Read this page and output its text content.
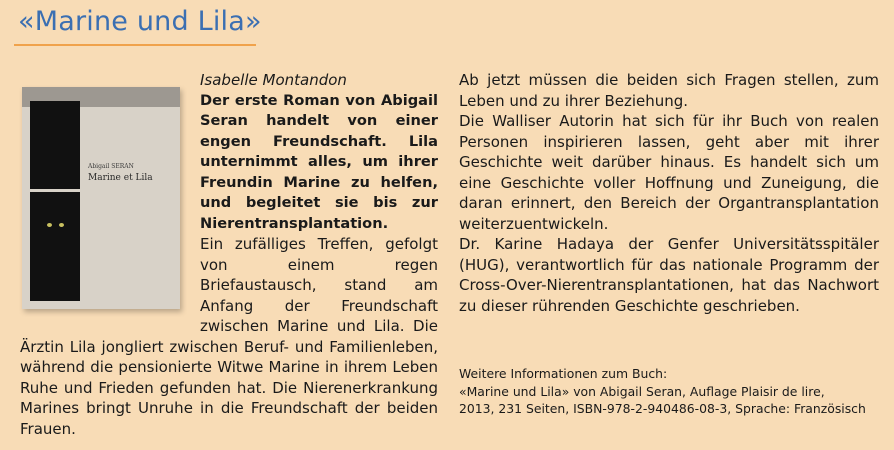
«Marine und Lila»
Abigail SERAN
Marine et Lila

Isabelle Montandon

Der erste Roman von Abigail Seran handelt von einer engen Freundschaft. Lila unternimmt alles, um ihrer Freundin Marine zu helfen, und begleitet sie bis zur Nierentransplantation.

Ein zufälliges Treffen, gefolgt von einem regen Briefaustausch, stand am Anfang der Freundschaft zwischen Marine und Lila. Die Ärztin Lila jongliert zwischen Beruf- und Familienleben, während die pensionierte Witwe Marine in ihrem Leben Ruhe und Frieden gefunden hat. Die Nierenerkrankung Marines bringt Unruhe in die Freundschaft der beiden Frauen.

Ab jetzt müssen die beiden sich Fragen stellen, zum Leben und zu ihrer Beziehung.

Die Walliser Autorin hat sich für ihr Buch von realen Personen inspirieren lassen, geht aber mit ihrer Geschichte weit darüber hinaus. Es handelt sich um eine Geschichte voller Hoffnung und Zuneigung, die daran erinnert, den Bereich der Organtransplantation weiterzuentwickeln.

Dr. Karine Hadaya der Genfer Universitätsspitäler (HUG), verantwortlich für das nationale Programm der Cross-Over-Nierentransplantationen, hat das Nachwort zu dieser rührenden Geschichte geschrieben.

Weitere Informationen zum Buch:
«Marine und Lila» von Abigail Seran, Auflage Plaisir de lire,
2013, 231 Seiten, ISBN-978-2-940486-08-3, Sprache: Französisch
